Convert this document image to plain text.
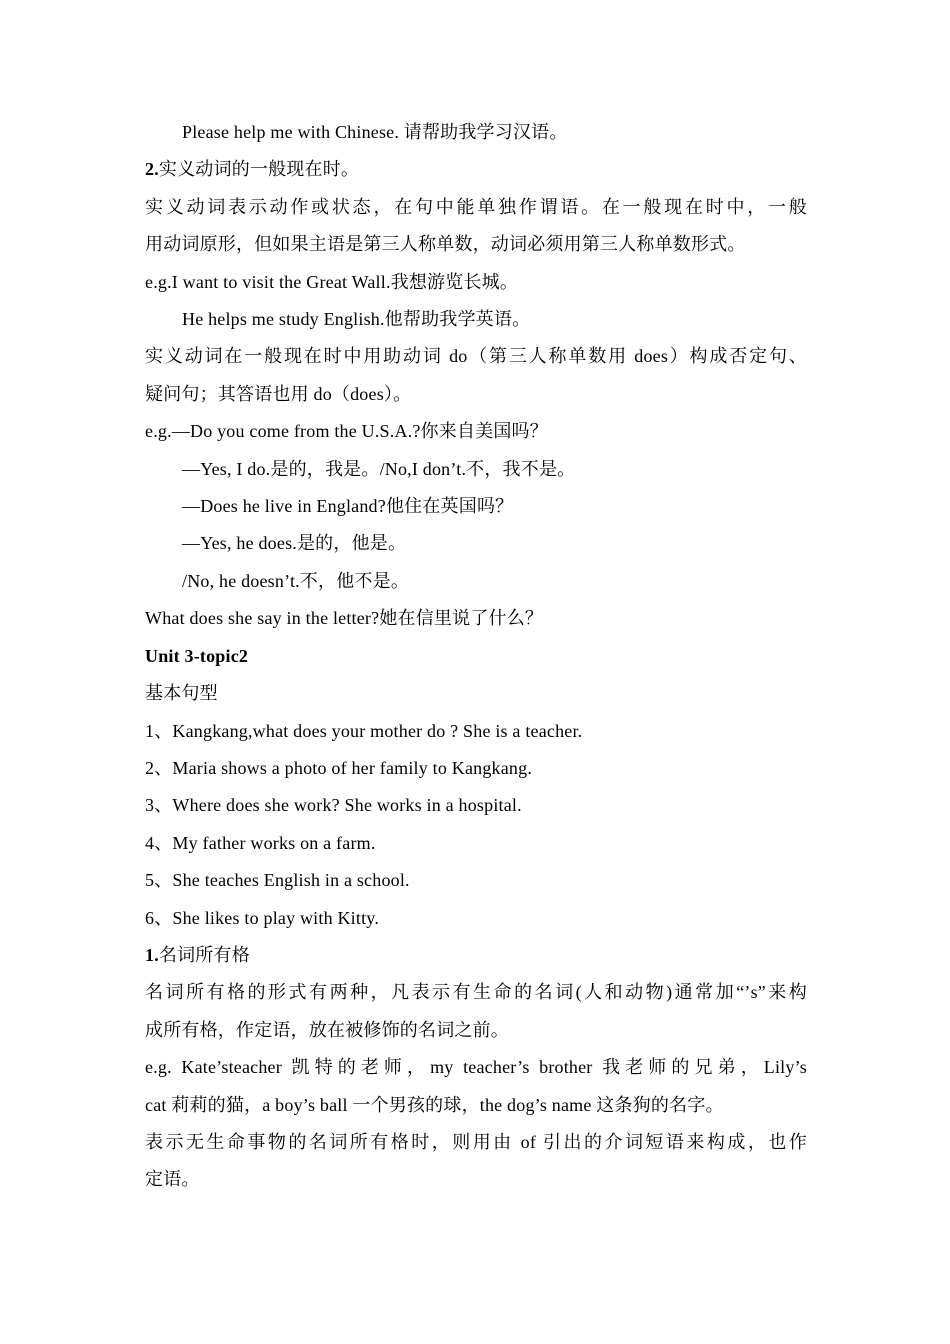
Please help me with Chinese. 请帮助我学习汉语。
2.实义动词的一般现在时。
实义动词表示动作或状态，在句中能单独作谓语。在一般现在时中，一般
用动词原形，但如果主语是第三人称单数，动词必须用第三人称单数形式。
e.g.I want to visit the Great Wall.我想游览长城。
He helps me study English.他帮助我学英语。
实义动词在一般现在时中用助动词 do（第三人称单数用 does）构成否定句、
疑问句；其答语也用 do（does）。
e.g.—Do you come from the U.S.A.?你来自美国吗？
—Yes, I do.是的，我是。/No,I don’t.不，我不是。
—Does he live in England?他住在英国吗？
—Yes, he does.是的，他是。
/No, he doesn’t.不，他不是。
What does she say in the letter?她在信里说了什么？
Unit 3-topic2
基本句型
1、Kangkang,what does your mother do ? She is a teacher.
2、Maria shows a photo of her family to Kangkang.
3、Where does she work? She works in a hospital.
4、My father works on a farm.
5、She teaches English in a school.
6、She likes to play with Kitty.
1.名词所有格
名词所有格的形式有两种，凡表示有生命的名词(人和动物)通常加“’s”来构
成所有格，作定语，放在被修饰的名词之前。
e.g. Kate’steacher 凯特的老师，my teacher’s brother 我老师的兄弟，Lily’s
cat 莉莉的猫，a boy’s ball 一个男孩的球，the dog’s name 这条狗的名字。
表示无生命事物的名词所有格时，则用由 of 引出的介词短语来构成，也作
定语。
